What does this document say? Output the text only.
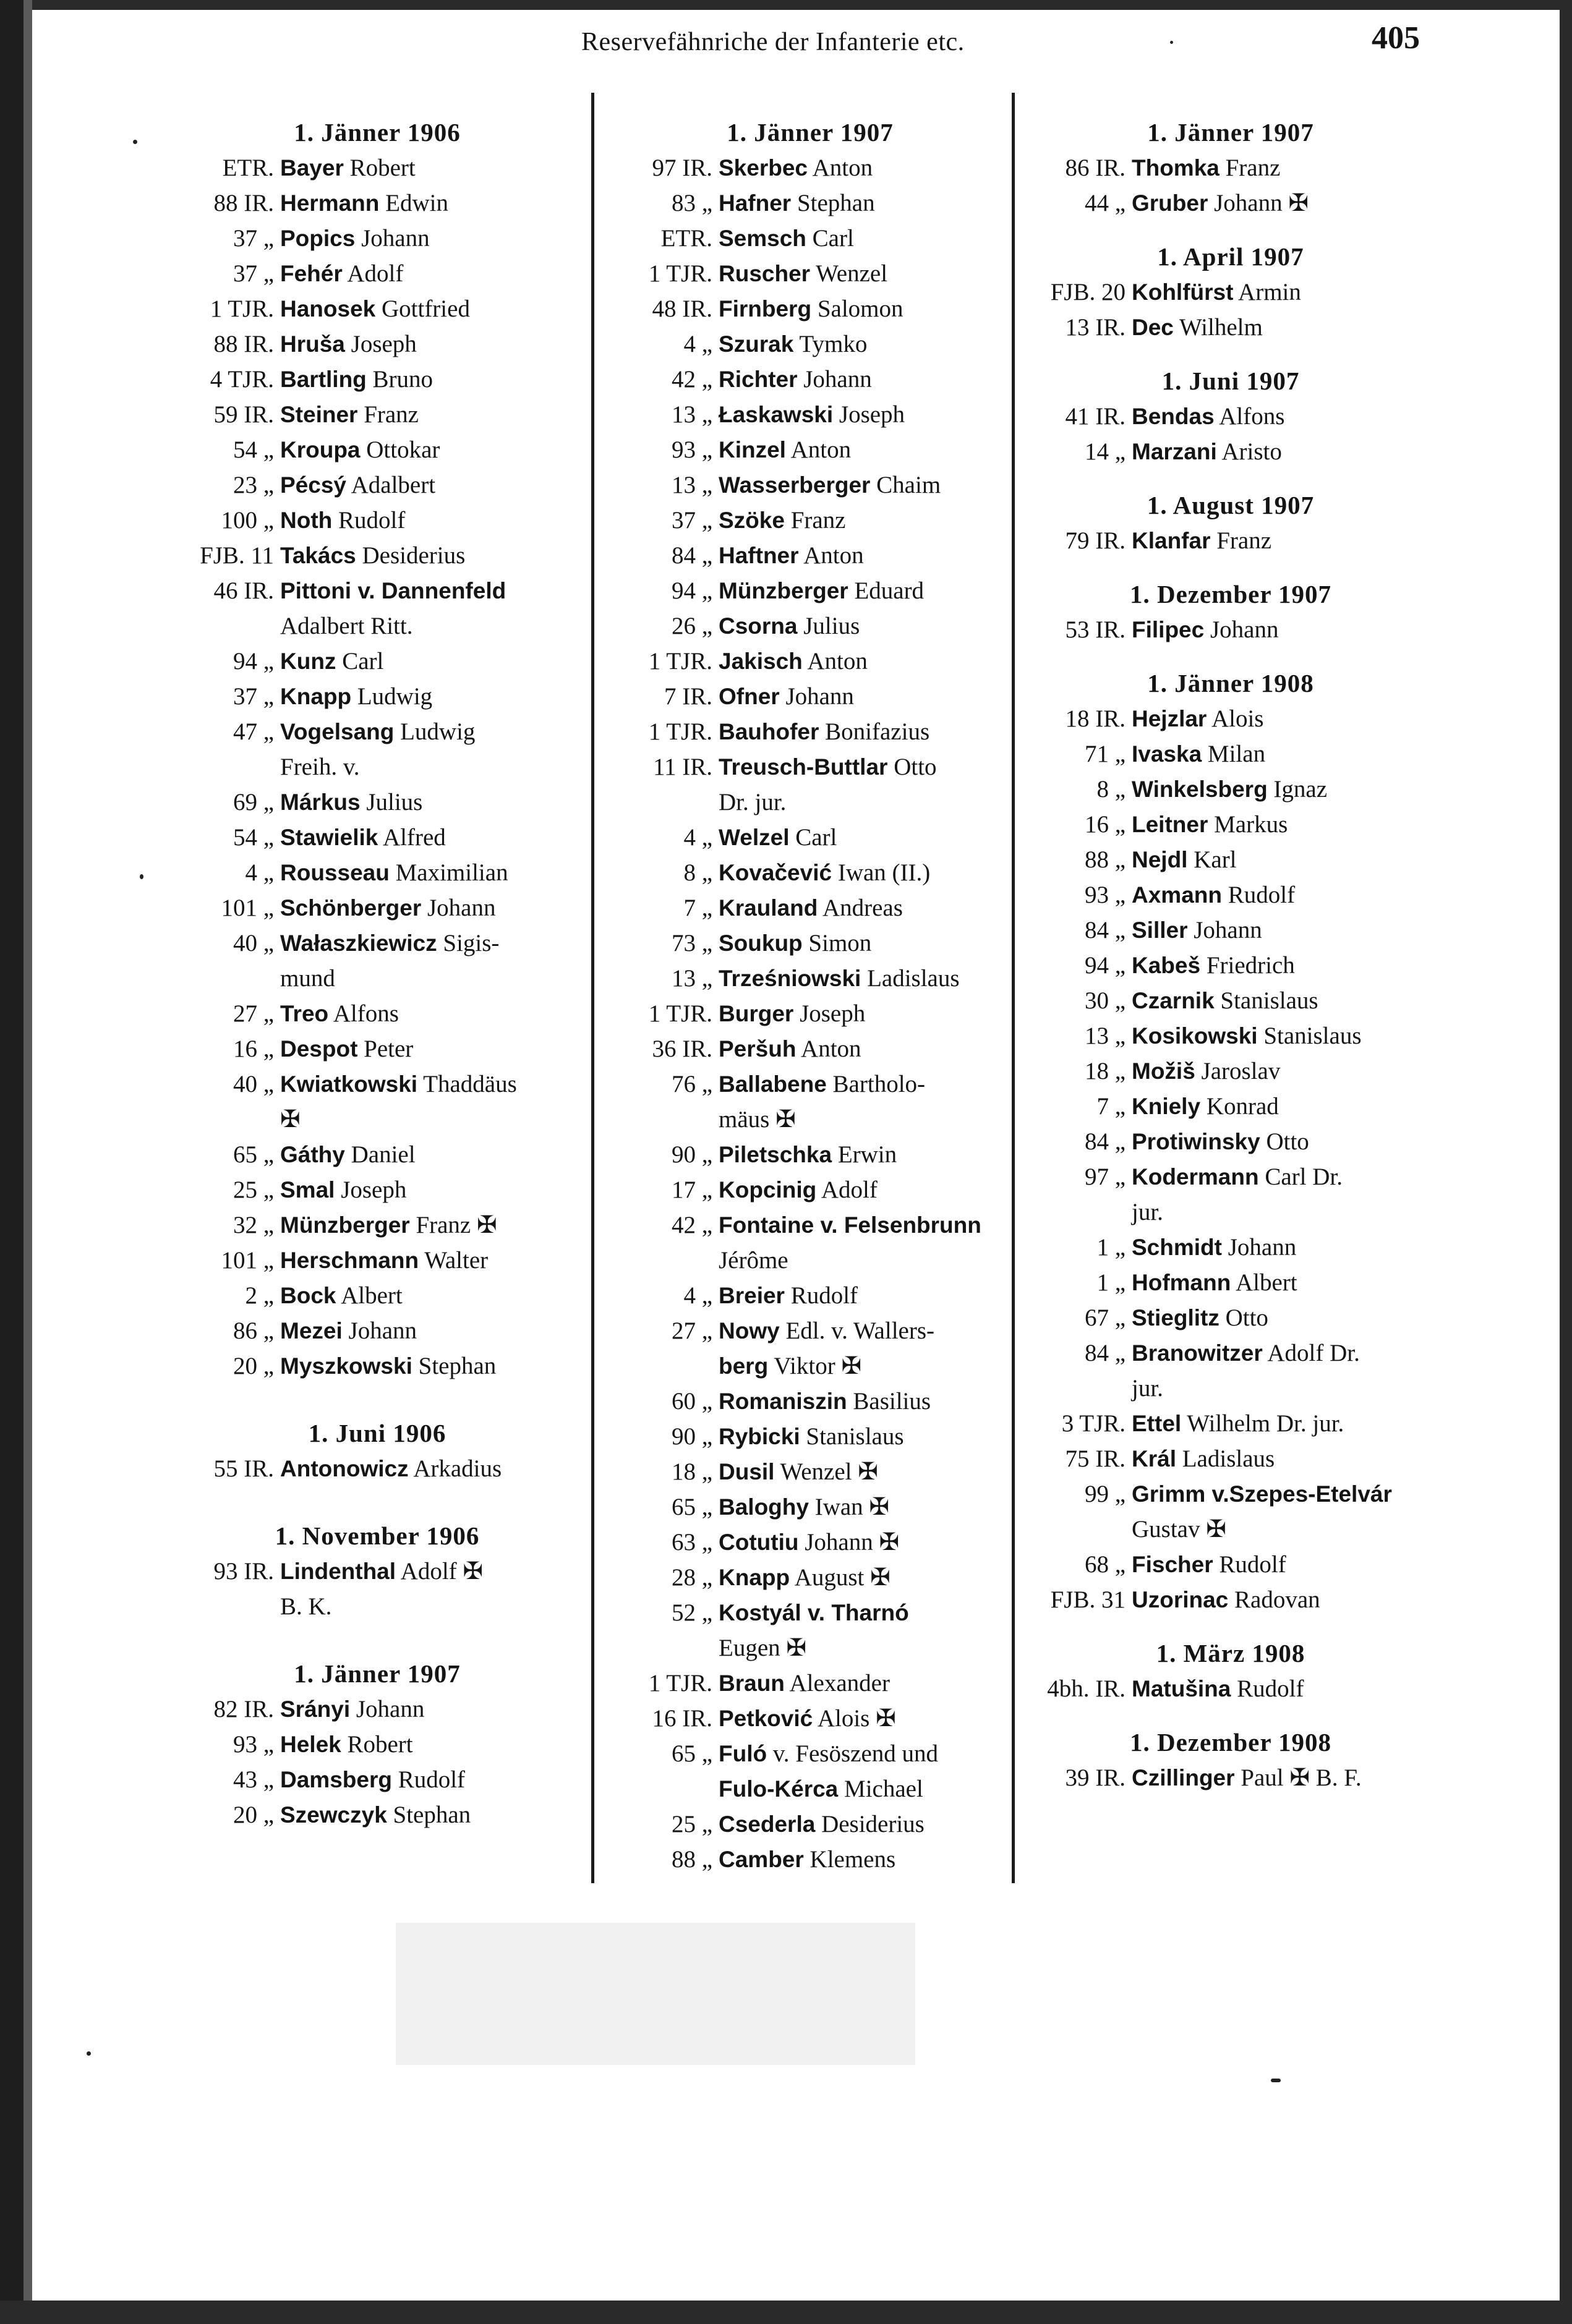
Reservefähnriche der Infanterie etc.	405
1. Jänner 1906
ETR. Bayer Robert
88 IR. Hermann Edwin
37 „ Popics Johann
37 „ Fehér Adolf
1 TJR. Hanosek Gottfried
88 IR. Hruša Joseph
4 TJR. Bartling Bruno
59 IR. Steiner Franz
54 „ Kroupa Ottokar
23 „ Pécsý Adalbert
100 „ Noth Rudolf
FJB. 11 Takács Desiderius
46 IR. Pittoni v. Dannenfeld
Adalbert Ritt.
94 „ Kunz Carl
37 „ Knapp Ludwig
47 „ Vogelsang Ludwig
Freih. v.
69 „ Márkus Julius
54 „ Stawielik Alfred
4 „ Rousseau Maximilian
101 „ Schönberger Johann
40 „ Wałaszkiewicz Sigis-
mund
27 „ Treo Alfons
16 „ Despot Peter
40 „ Kwiatkowski Thaddäus
✠
65 „ Gáthy Daniel
25 „ Smal Joseph
32 „ Münzberger Franz ✠
101 „ Herschmann Walter
2 „ Bock Albert
86 „ Mezei Johann
20 „ Myszkowski Stephan
1. Juni 1906
55 IR. Antonowicz Arkadius
1. November 1906
93 IR. Lindenthal Adolf ✠
B. K.
1. Jänner 1907
82 IR. Srányi Johann
93 „ Helek Robert
43 „ Damsberg Rudolf
20 „ Szewczyk Stephan
1. Jänner 1907
97 IR. Skerbec Anton
83 „ Hafner Stephan
ETR. Semsch Carl
1 TJR. Ruscher Wenzel
48 IR. Firnberg Salomon
4 „ Szurak Tymko
42 „ Richter Johann
13 „ Łaskawski Joseph
93 „ Kinzel Anton
13 „ Wasserberger Chaim
37 „ Szöke Franz
84 „ Haftner Anton
94 „ Münzberger Eduard
26 „ Csorna Julius
1 TJR. Jakisch Anton
7 IR. Ofner Johann
1 TJR. Bauhofer Bonifazius
11 IR. Treusch-Buttlar Otto
Dr. jur.
4 „ Welzel Carl
8 „ Kovačević Iwan (II.)
7 „ Krauland Andreas
73 „ Soukup Simon
13 „ Trześniowski Ladislaus
1 TJR. Burger Joseph
36 IR. Peršuh Anton
76 „ Ballabene Bartholo-
mäus ✠
90 „ Piletschka Erwin
17 „ Kopcinig Adolf
42 „ Fontaine v. Felsenbrunn
Jérôme
4 „ Breier Rudolf
27 „ Nowy Edl. v. Wallers-
berg Viktor ✠
60 „ Romaniszin Basilius
90 „ Rybicki Stanislaus
18 „ Dusil Wenzel ✠
65 „ Baloghy Iwan ✠
63 „ Cotutiu Johann ✠
28 „ Knapp August ✠
52 „ Kostyál v. Tharnó
Eugen ✠
1 TJR. Braun Alexander
16 IR. Petković Alois ✠
65 „ Fuló v. Fesöszend und
Fulo-Kérca Michael
25 „ Csederla Desiderius
88 „ Camber Klemens
1. Jänner 1907
86 IR. Thomka Franz
44 „ Gruber Johann ✠
1. April 1907
FJB. 20 Kohlfürst Armin
13 IR. Dec Wilhelm
1. Juni 1907
41 IR. Bendas Alfons
14 „ Marzani Aristo
1. August 1907
79 IR. Klanfar Franz
1. Dezember 1907
53 IR. Filipec Johann
1. Jänner 1908
18 IR. Hejzlar Alois
71 „ Ivaska Milan
8 „ Winkelsberg Ignaz
16 „ Leitner Markus
88 „ Nejdl Karl
93 „ Axmann Rudolf
84 „ Siller Johann
94 „ Kabeš Friedrich
30 „ Czarnik Stanislaus
13 „ Kosikowski Stanislaus
18 „ Možiš Jaroslav
7 „ Kniely Konrad
84 „ Protiwinsky Otto
97 „ Kodermann Carl Dr.
jur.
1 „ Schmidt Johann
1 „ Hofmann Albert
67 „ Stieglitz Otto
84 „ Branowitzer Adolf Dr.
jur.
3 TJR. Ettel Wilhelm Dr. jur.
75 IR. Král Ladislaus
99 „ Grimm v.Szepes-Etelvár
Gustav ✠
68 „ Fischer Rudolf
FJB. 31 Uzorinac Radovan
1. März 1908
4bh. IR. Matušina Rudolf
1. Dezember 1908
39 IR. Czillinger Paul ✠ B. F.
